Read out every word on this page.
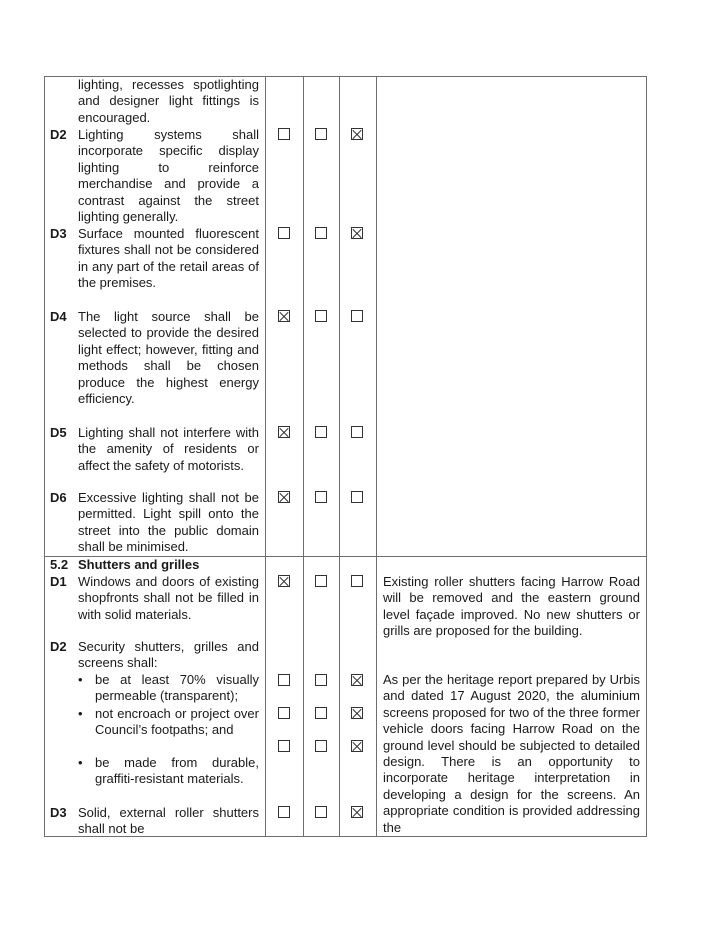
lighting, recesses spotlighting and designer light fittings is encouraged.
D2 Lighting systems shall incorporate specific display lighting to reinforce merchandise and provide a contrast against the street lighting generally.
D3 Surface mounted fluorescent fixtures shall not be considered in any part of the retail areas of the premises.
D4 The light source shall be selected to provide the desired light effect; however, fitting and methods shall be chosen produce the highest energy efficiency.
D5 Lighting shall not interfere with the amenity of residents or affect the safety of motorists.
D6 Excessive lighting shall not be permitted. Light spill onto the street into the public domain shall be minimised.
5.2 Shutters and grilles
D1 Windows and doors of existing shopfronts shall not be filled in with solid materials.
D2 Security shutters, grilles and screens shall:
• be at least 70% visually permeable (transparent);
• not encroach or project over Council’s footpaths; and
• be made from durable, graffiti-resistant materials.
D3 Solid, external roller shutters shall not be
Existing roller shutters facing Harrow Road will be removed and the eastern ground level façade improved. No new shutters or grills are proposed for the building.
As per the heritage report prepared by Urbis and dated 17 August 2020, the aluminium screens proposed for two of the three former vehicle doors facing Harrow Road on the ground level should be subjected to detailed design. There is an opportunity to incorporate heritage interpretation in developing a design for the screens. An appropriate condition is provided addressing the
